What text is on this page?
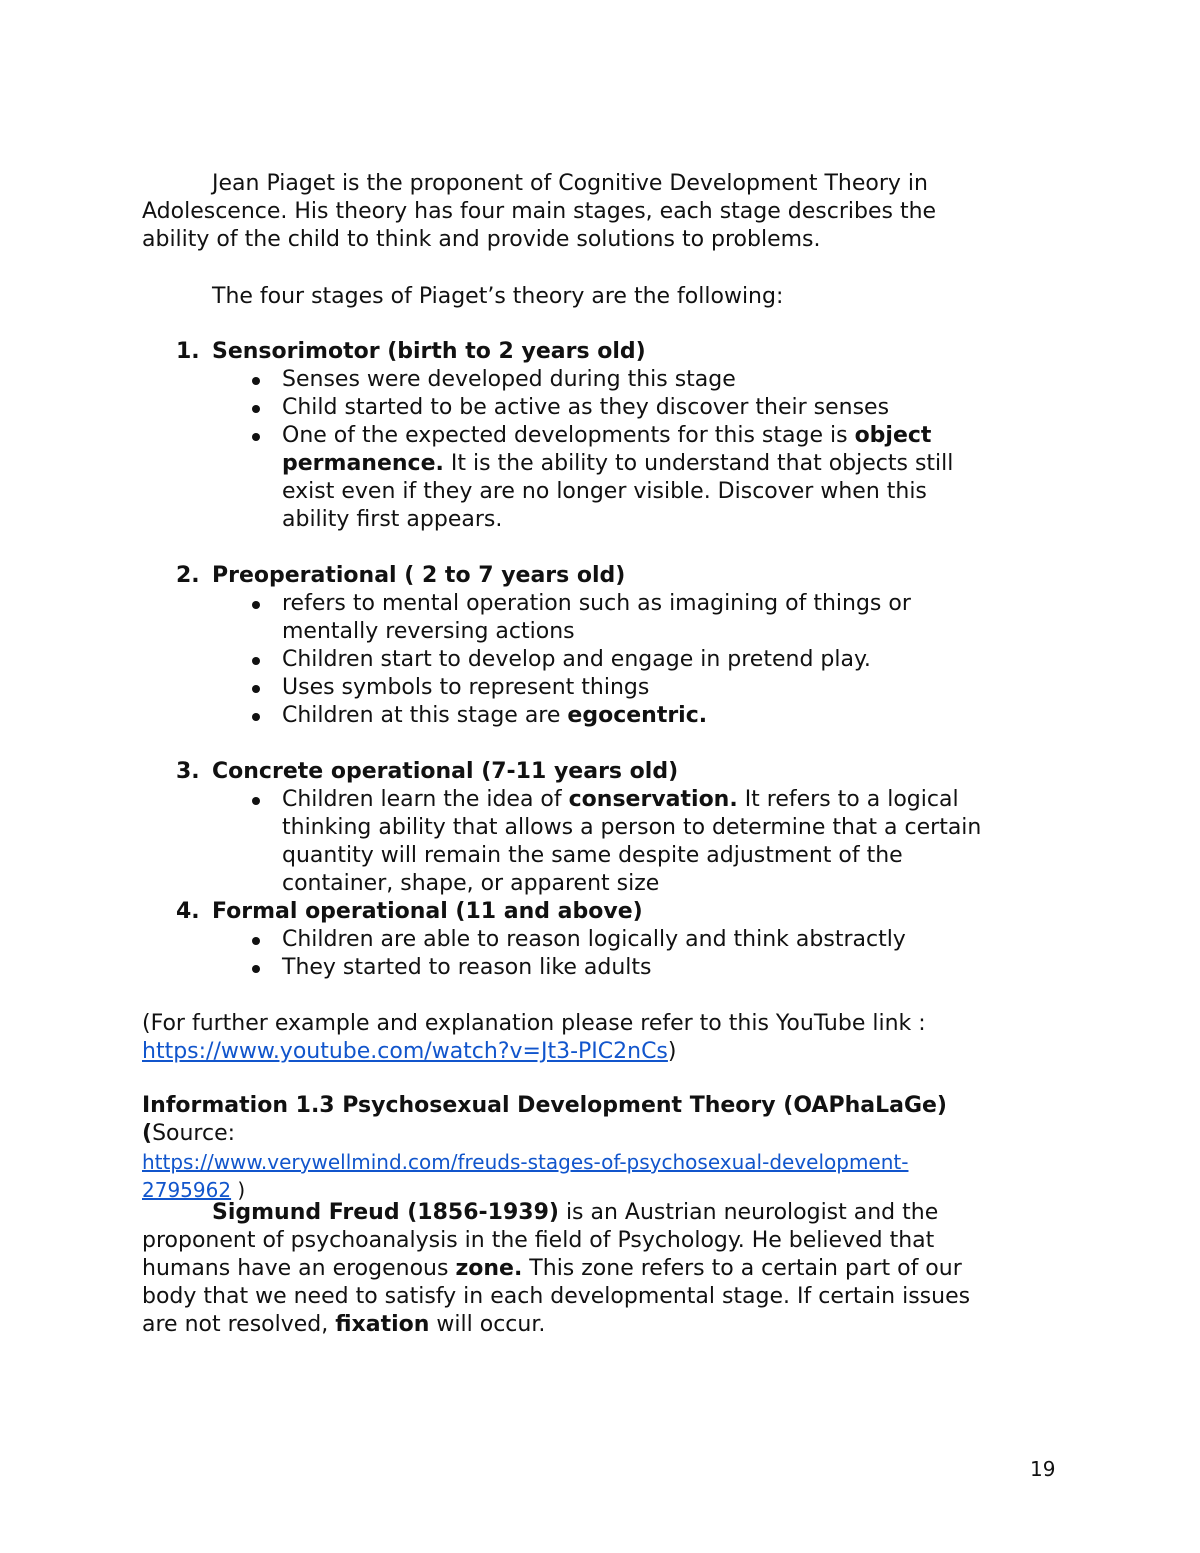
Jean Piaget is the proponent of Cognitive Development Theory in Adolescence. His theory has four main stages, each stage describes the ability of the child to think and provide solutions to problems.
The four stages of Piaget’s theory are the following:
1. Sensorimotor (birth to 2 years old)
Senses were developed during this stage
Child started to be active as they discover their senses
One of the expected developments for this stage is object permanence. It is the ability to understand that objects still exist even if they are no longer visible. Discover when this ability first appears.
2. Preoperational ( 2 to 7 years old)
refers to mental operation such as imagining of things or mentally reversing actions
Children start to develop and engage in pretend play.
Uses symbols to represent things
Children at this stage are egocentric.
3. Concrete operational (7-11 years old)
Children learn the idea of conservation. It refers to a logical thinking ability that allows a person to determine that a certain quantity will remain the same despite adjustment of the container, shape, or apparent size
4. Formal operational (11 and above)
Children are able to reason logically and think abstractly
They started to reason like adults
(For further example and explanation please refer to this YouTube link :
https://www.youtube.com/watch?v=Jt3-PIC2nCs)
Information 1.3 Psychosexual Development Theory (OAPhaLaGe)
(Source:
https://www.verywellmind.com/freuds-stages-of-psychosexual-development-2795962 )
Sigmund Freud (1856-1939) is an Austrian neurologist and the proponent of psychoanalysis in the field of Psychology. He believed that humans have an erogenous zone. This zone refers to a certain part of our body that we need to satisfy in each developmental stage. If certain issues are not resolved, fixation will occur.
19
